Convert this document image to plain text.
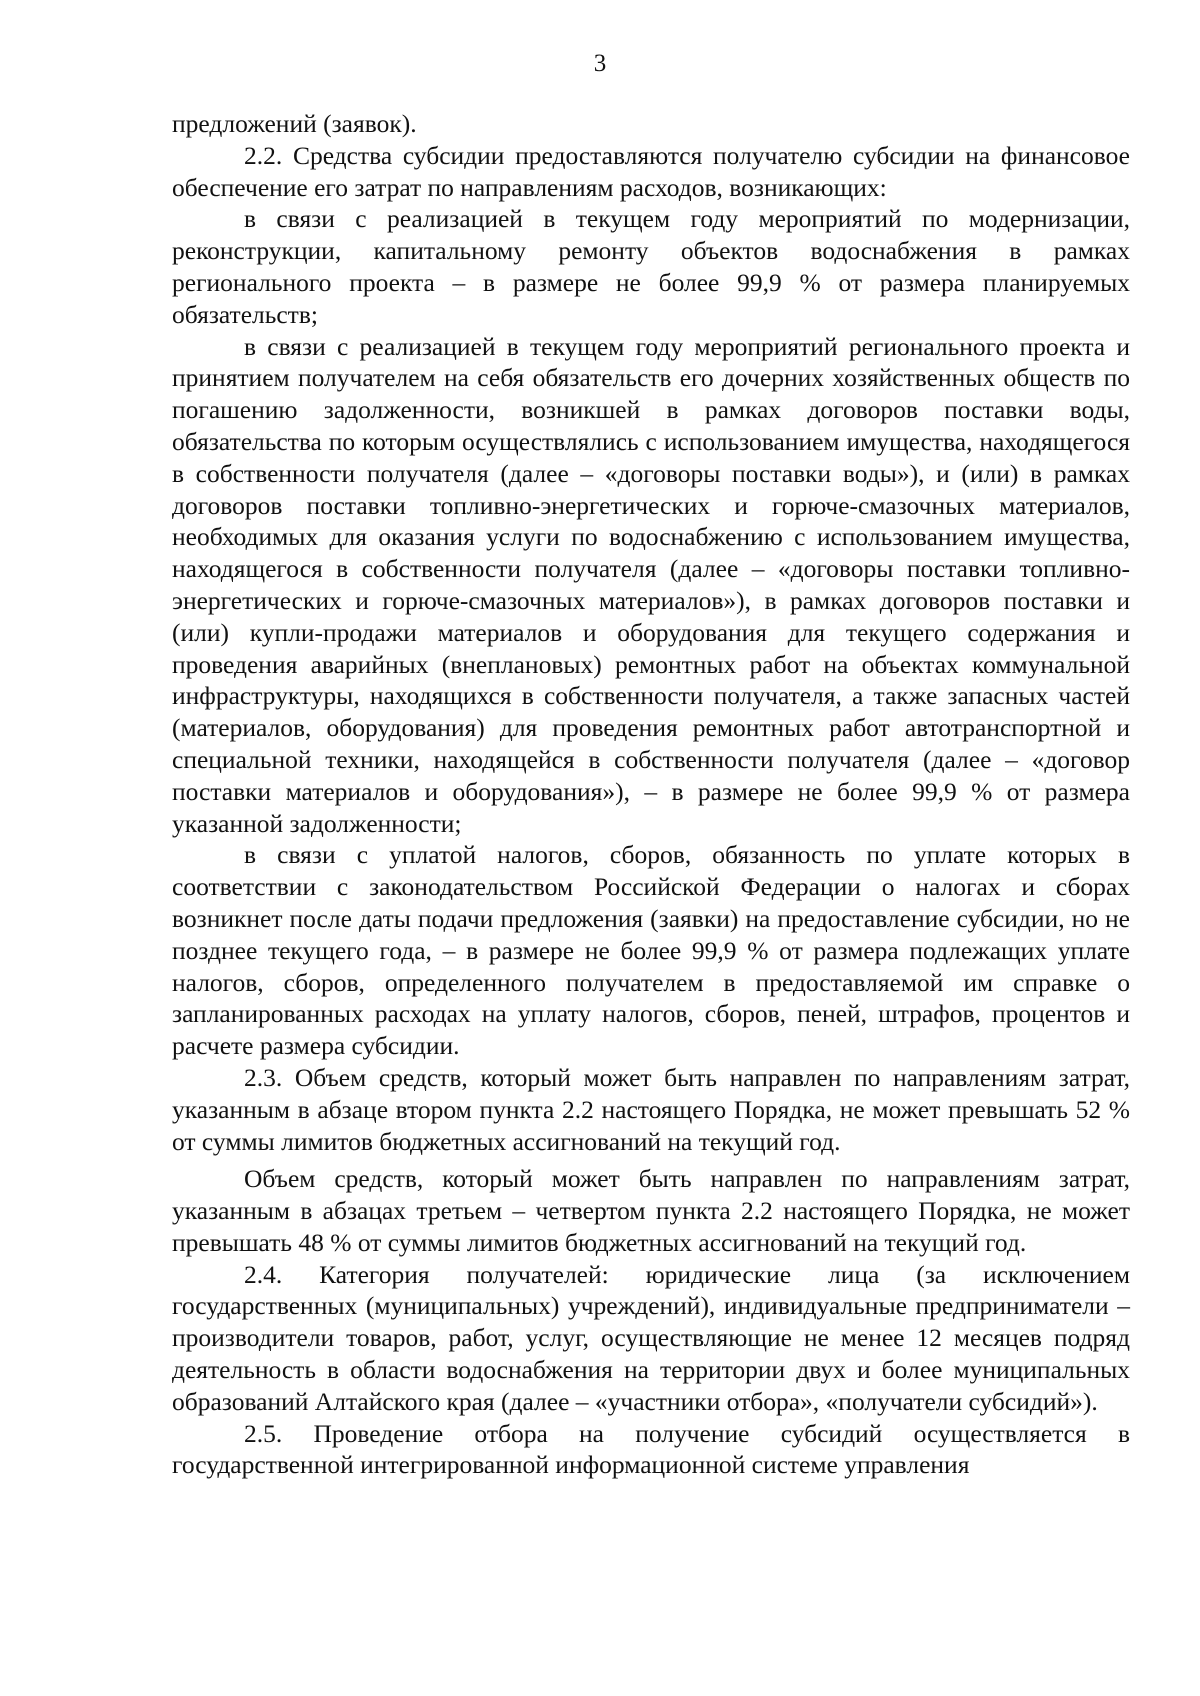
3

предложений (заявок).

2.2. Средства субсидии предоставляются получателю субсидии на финансовое обеспечение его затрат по направлениям расходов, возникающих:

в связи с реализацией в текущем году мероприятий по модернизации, реконструкции, капитальному ремонту объектов водоснабжения в рамках регионального проекта – в размере не более 99,9 % от размера планируемых обязательств;

в связи с реализацией в текущем году мероприятий регионального проекта и принятием получателем на себя обязательств его дочерних хозяйственных обществ по погашению задолженности, возникшей в рамках договоров поставки воды, обязательства по которым осуществлялись с использованием имущества, находящегося в собственности получателя (далее – «договоры поставки воды»), и (или) в рамках договоров поставки топливно-энергетических и горюче-смазочных материалов, необходимых для оказания услуги по водоснабжению с использованием имущества, находящегося в собственности получателя (далее – «договоры поставки топливно-энергетических и горюче-смазочных материалов»), в рамках договоров поставки и (или) купли-продажи материалов и оборудования для текущего содержания и проведения аварийных (внеплановых) ремонтных работ на объектах коммунальной инфраструктуры, находящихся в собственности получателя, а также запасных частей (материалов, оборудования) для проведения ремонтных работ автотранспортной и специальной техники, находящейся в собственности получателя (далее – «договор поставки материалов и оборудования»), – в размере не более 99,9 % от размера указанной задолженности;

в связи с уплатой налогов, сборов, обязанность по уплате которых в соответствии с законодательством Российской Федерации о налогах и сборах возникнет после даты подачи предложения (заявки) на предоставление субсидии, но не позднее текущего года, – в размере не более 99,9 % от размера подлежащих уплате налогов, сборов, определенного получателем в предоставляемой им справке о запланированных расходах на уплату налогов, сборов, пеней, штрафов, процентов и расчете размера субсидии.

2.3. Объем средств, который может быть направлен по направлениям затрат, указанным в абзаце втором пункта 2.2 настоящего Порядка, не может превышать 52 % от суммы лимитов бюджетных ассигнований на текущий год.

Объем средств, который может быть направлен по направлениям затрат, указанным в абзацах третьем – четвертом пункта 2.2 настоящего Порядка, не может превышать 48 % от суммы лимитов бюджетных ассигнований на текущий год.

2.4. Категория получателей: юридические лица (за исключением государственных (муниципальных) учреждений), индивидуальные предприниматели – производители товаров, работ, услуг, осуществляющие не менее 12 месяцев подряд деятельность в области водоснабжения на территории двух и более муниципальных образований Алтайского края (далее – «участники отбора», «получатели субсидий»).

2.5. Проведение отбора на получение субсидий осуществляется в государственной интегрированной информационной системе управления
